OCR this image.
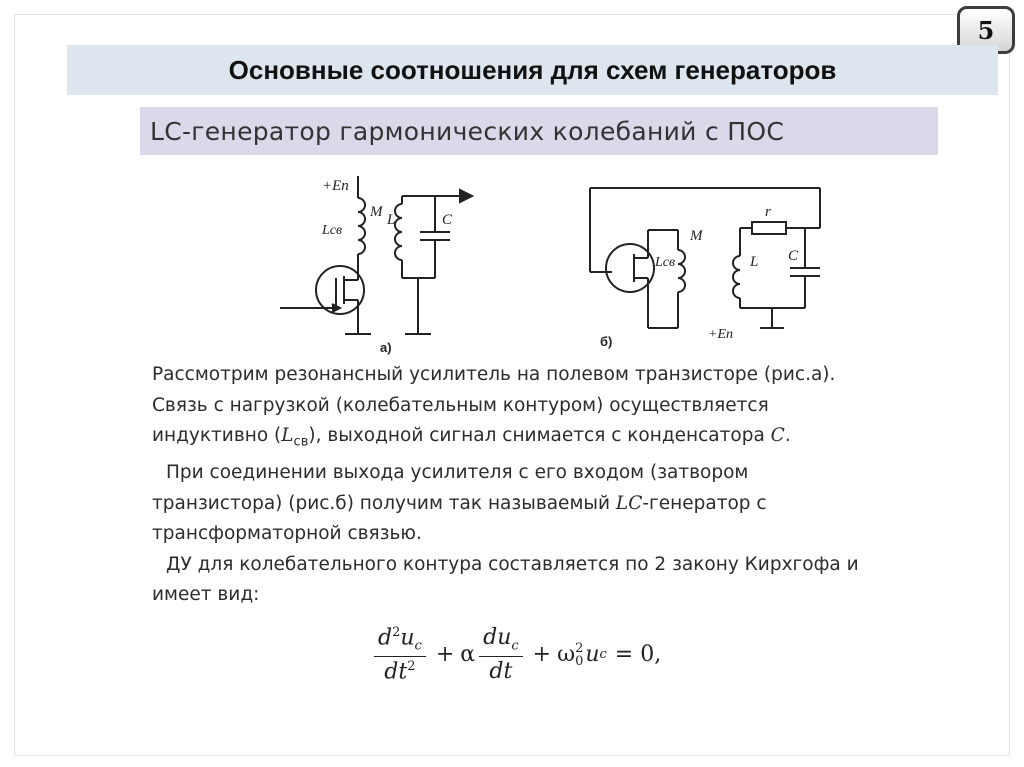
5
Основные соотношения для схем генераторов
LC-генератор гармонических колебаний с ПОС
+Eп
Lсв
M L	C
а)
Lсв
M
+Eп
r
L C
б)

Рассмотрим резонансный усилитель на полевом транзисторе (рис.а).

Связь с нагрузкой (колебательным контуром) осуществляется

индуктивно $(L_{св})$, выходной сигнал снимается с конденсатора C.

При соединении выхода усилителя с его входом (затвором

транзистора) (рис.б) получим так называемый LC-генератор с

трансформаторной связью.

ДУ для колебательного контура составляется по 2 закону Кирхгофа и

имеет вид:

$\frac{d^2u_c}{dt^2} + \alpha \frac{du_c}{dt} + \omega$ 2
0 u c = 0,
